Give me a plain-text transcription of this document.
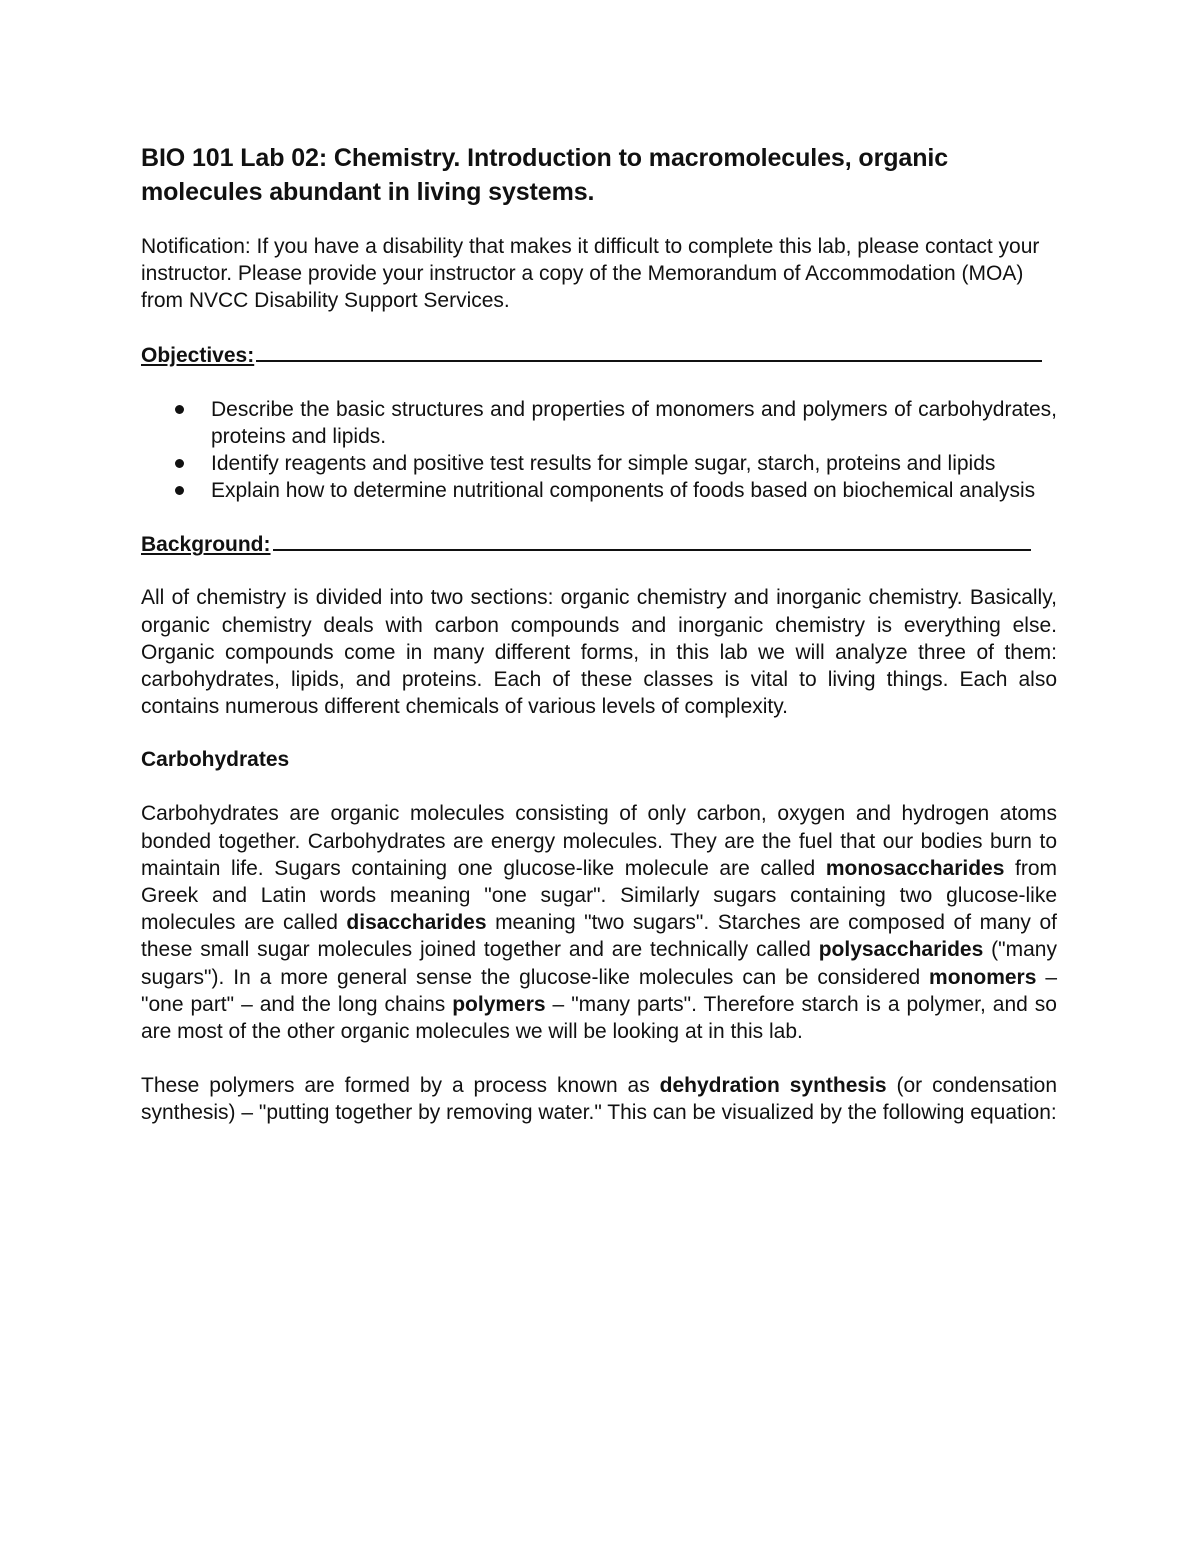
BIO 101 Lab 02: Chemistry. Introduction to macromolecules, organic molecules abundant in living systems.

Notification: If you have a disability that makes it difficult to complete this lab, please contact your instructor. Please provide your instructor a copy of the Memorandum of Accommodation (MOA) from NVCC Disability Support Services.

Objectives:
Describe the basic structures and properties of monomers and polymers of carbohydrates, proteins and lipids.
Identify reagents and positive test results for simple sugar, starch, proteins and lipids
Explain how to determine nutritional components of foods based on biochemical analysis
Background:

All of chemistry is divided into two sections: organic chemistry and inorganic chemistry. Basically, organic chemistry deals with carbon compounds and inorganic chemistry is everything else. Organic compounds come in many different forms, in this lab we will analyze three of them: carbohydrates, lipids, and proteins. Each of these classes is vital to living things. Each also contains numerous different chemicals of various levels of complexity.

Carbohydrates

Carbohydrates are organic molecules consisting of only carbon, oxygen and hydrogen atoms bonded together. Carbohydrates are energy molecules. They are the fuel that our bodies burn to maintain life. Sugars containing one glucose-like molecule are called monosaccharides from Greek and Latin words meaning "one sugar". Similarly sugars containing two glucose-like molecules are called disaccharides meaning "two sugars". Starches are composed of many of these small sugar molecules joined together and are technically called polysaccharides ("many sugars"). In a more general sense the glucose-like molecules can be considered monomers – "one part" – and the long chains polymers – "many parts". Therefore starch is a polymer, and so are most of the other organic molecules we will be looking at in this lab.

These polymers are formed by a process known as dehydration synthesis (or condensation synthesis) – "putting together by removing water." This can be visualized by the following equation:
